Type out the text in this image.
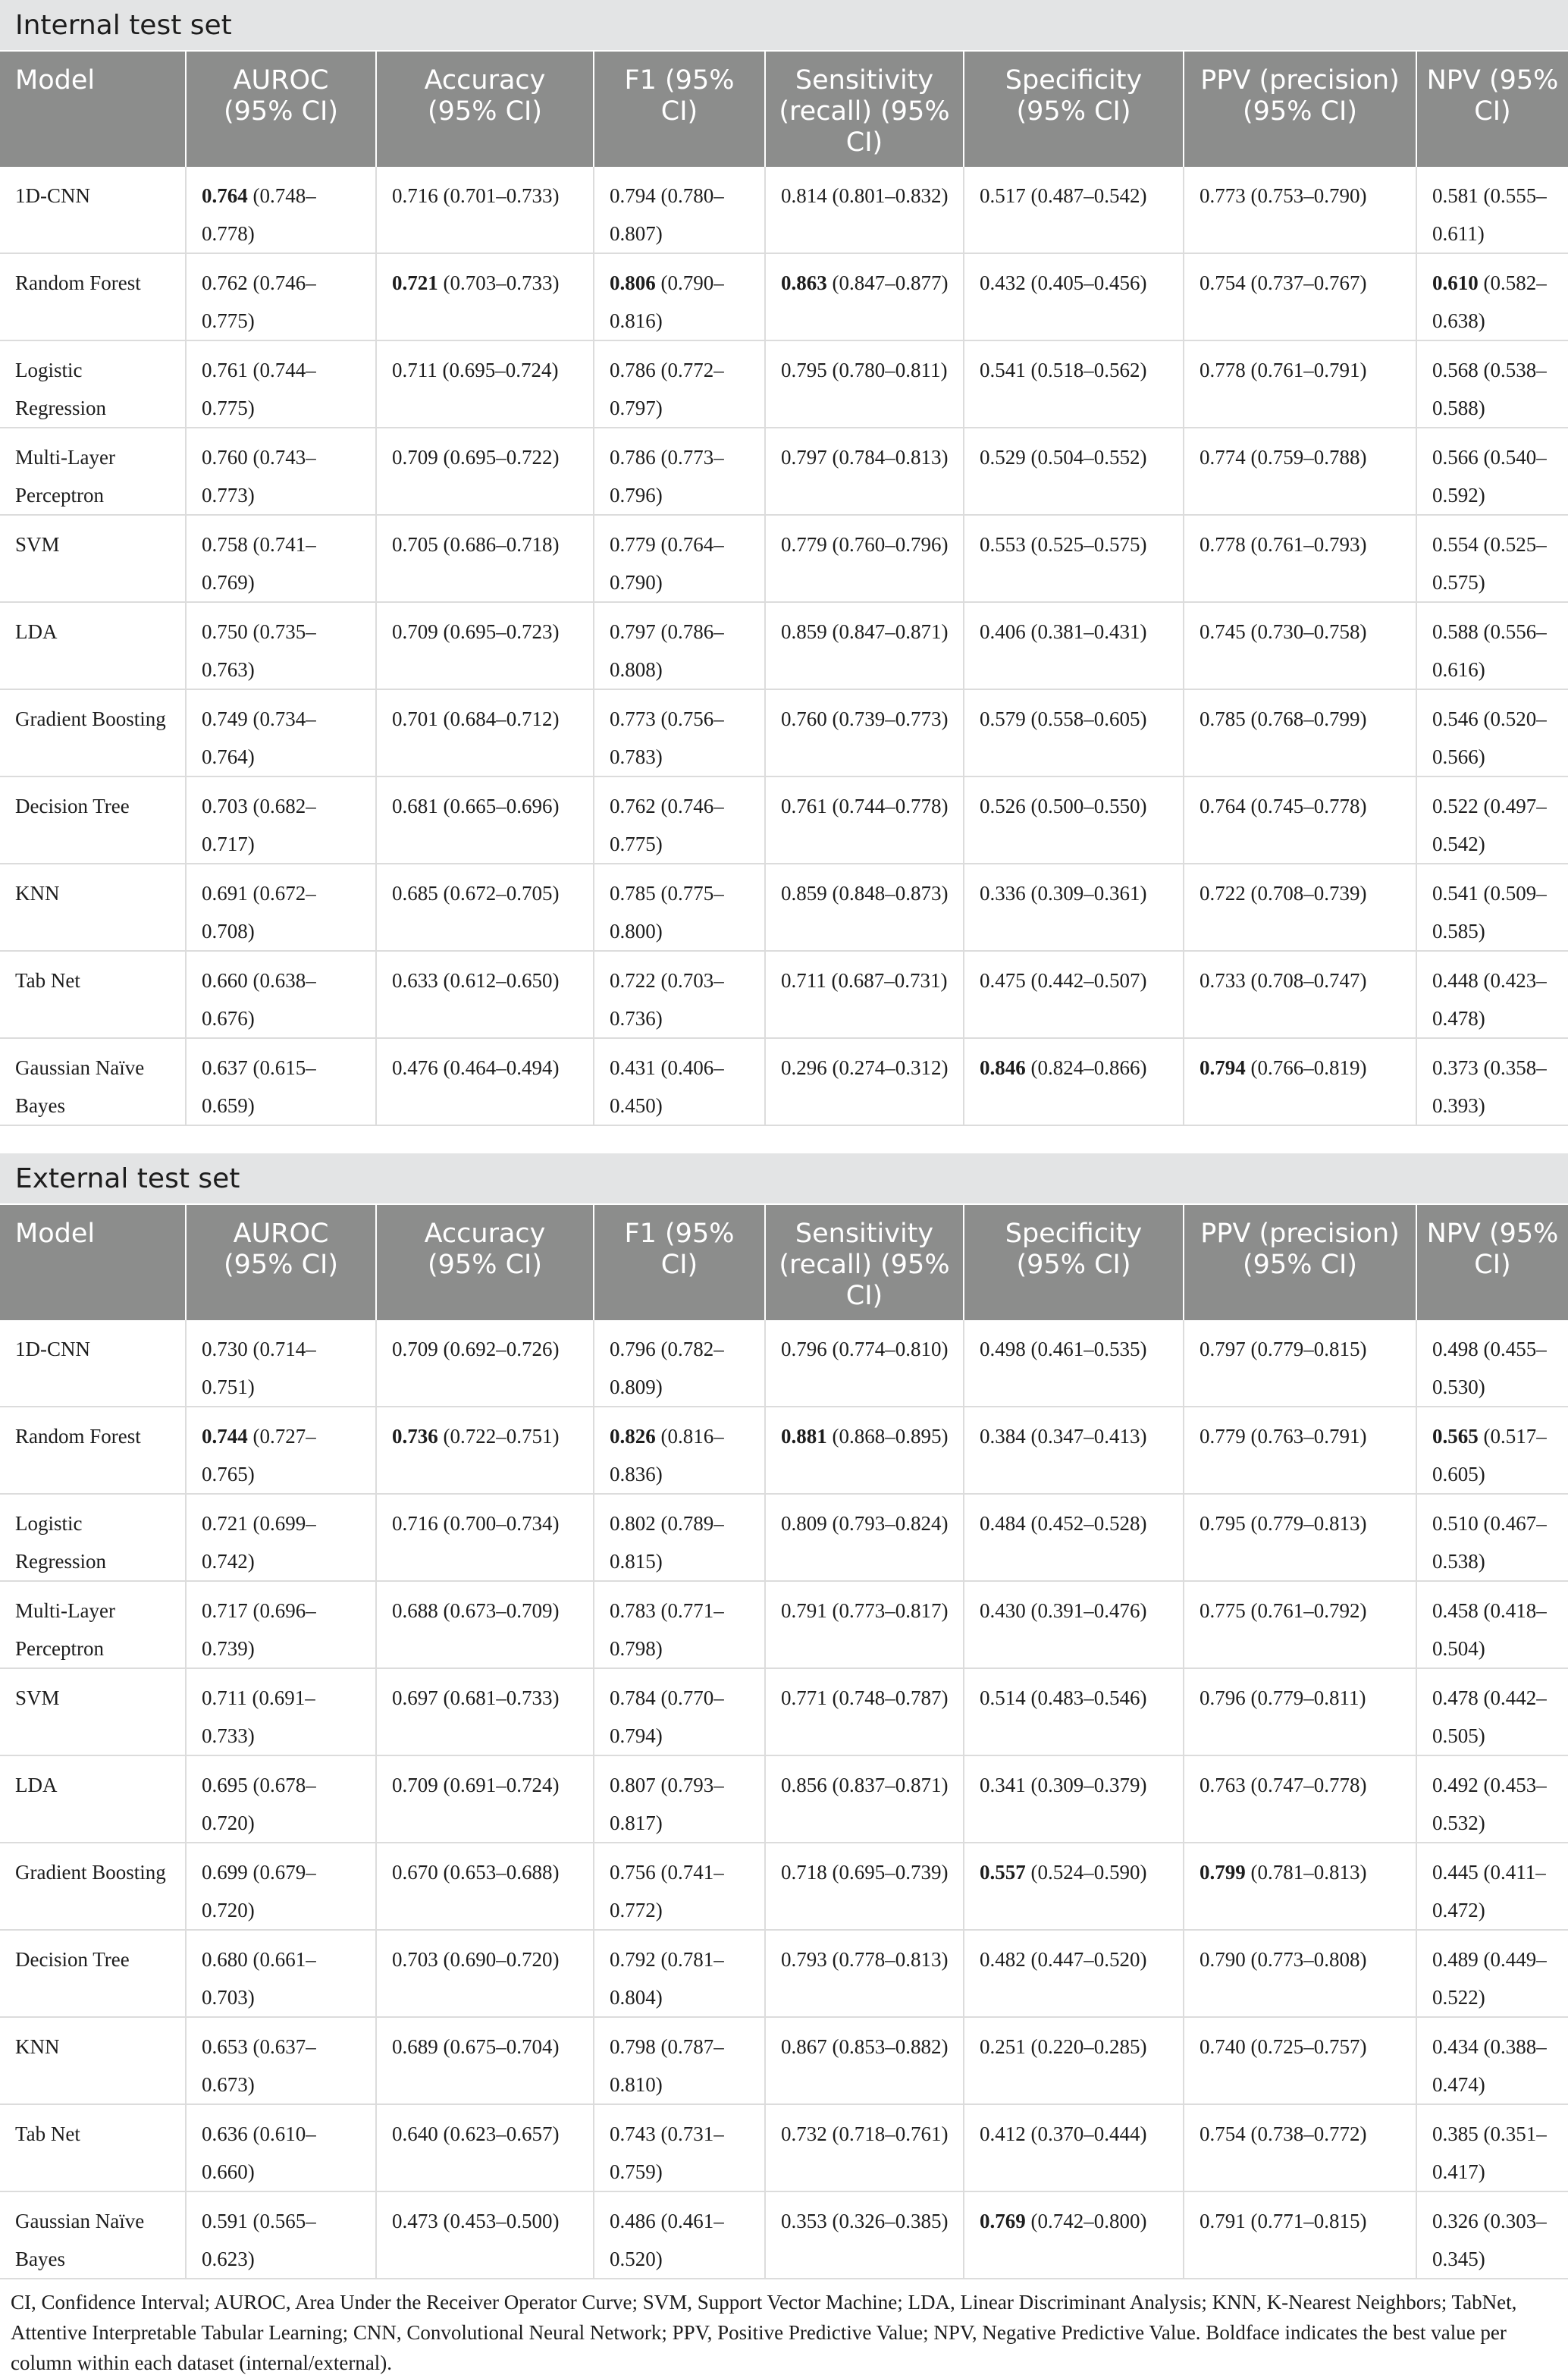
Internal test set
Model	AUROC (95% CI)	Accuracy (95% CI)	F1 (95% CI)	Sensitivity (recall) (95% CI)	Specificity (95% CI)	PPV (precision) (95% CI)	NPV (95% CI)
1D-CNN	0.764 (0.748–0.778)	0.716 (0.701–0.733)	0.794 (0.780–0.807)	0.814 (0.801–0.832)	0.517 (0.487–0.542)	0.773 (0.753–0.790)	0.581 (0.555–0.611)
Random Forest	0.762 (0.746–0.775)	0.721 (0.703–0.733)	0.806 (0.790–0.816)	0.863 (0.847–0.877)	0.432 (0.405–0.456)	0.754 (0.737–0.767)	0.610 (0.582–0.638)
Logistic Regression	0.761 (0.744–0.775)	0.711 (0.695–0.724)	0.786 (0.772–0.797)	0.795 (0.780–0.811)	0.541 (0.518–0.562)	0.778 (0.761–0.791)	0.568 (0.538–0.588)
Multi-Layer Perceptron	0.760 (0.743–0.773)	0.709 (0.695–0.722)	0.786 (0.773–0.796)	0.797 (0.784–0.813)	0.529 (0.504–0.552)	0.774 (0.759–0.788)	0.566 (0.540–0.592)
SVM	0.758 (0.741–0.769)	0.705 (0.686–0.718)	0.779 (0.764–0.790)	0.779 (0.760–0.796)	0.553 (0.525–0.575)	0.778 (0.761–0.793)	0.554 (0.525–0.575)
LDA	0.750 (0.735–0.763)	0.709 (0.695–0.723)	0.797 (0.786–0.808)	0.859 (0.847–0.871)	0.406 (0.381–0.431)	0.745 (0.730–0.758)	0.588 (0.556–0.616)
Gradient Boosting	0.749 (0.734–0.764)	0.701 (0.684–0.712)	0.773 (0.756–0.783)	0.760 (0.739–0.773)	0.579 (0.558–0.605)	0.785 (0.768–0.799)	0.546 (0.520–0.566)
Decision Tree	0.703 (0.682–0.717)	0.681 (0.665–0.696)	0.762 (0.746–0.775)	0.761 (0.744–0.778)	0.526 (0.500–0.550)	0.764 (0.745–0.778)	0.522 (0.497–0.542)
KNN	0.691 (0.672–0.708)	0.685 (0.672–0.705)	0.785 (0.775–0.800)	0.859 (0.848–0.873)	0.336 (0.309–0.361)	0.722 (0.708–0.739)	0.541 (0.509–0.585)
Tab Net	0.660 (0.638–0.676)	0.633 (0.612–0.650)	0.722 (0.703–0.736)	0.711 (0.687–0.731)	0.475 (0.442–0.507)	0.733 (0.708–0.747)	0.448 (0.423–0.478)
Gaussian Naïve Bayes	0.637 (0.615–0.659)	0.476 (0.464–0.494)	0.431 (0.406–0.450)	0.296 (0.274–0.312)	0.846 (0.824–0.866)	0.794 (0.766–0.819)	0.373 (0.358–0.393)
External test set
Model	AUROC (95% CI)	Accuracy (95% CI)	F1 (95% CI)	Sensitivity (recall) (95% CI)	Specificity (95% CI)	PPV (precision) (95% CI)	NPV (95% CI)
1D-CNN	0.730 (0.714–0.751)	0.709 (0.692–0.726)	0.796 (0.782–0.809)	0.796 (0.774–0.810)	0.498 (0.461–0.535)	0.797 (0.779–0.815)	0.498 (0.455–0.530)
Random Forest	0.744 (0.727–0.765)	0.736 (0.722–0.751)	0.826 (0.816–0.836)	0.881 (0.868–0.895)	0.384 (0.347–0.413)	0.779 (0.763–0.791)	0.565 (0.517–0.605)
Logistic Regression	0.721 (0.699–0.742)	0.716 (0.700–0.734)	0.802 (0.789–0.815)	0.809 (0.793–0.824)	0.484 (0.452–0.528)	0.795 (0.779–0.813)	0.510 (0.467–0.538)
Multi-Layer Perceptron	0.717 (0.696–0.739)	0.688 (0.673–0.709)	0.783 (0.771–0.798)	0.791 (0.773–0.817)	0.430 (0.391–0.476)	0.775 (0.761–0.792)	0.458 (0.418–0.504)
SVM	0.711 (0.691–0.733)	0.697 (0.681–0.733)	0.784 (0.770–0.794)	0.771 (0.748–0.787)	0.514 (0.483–0.546)	0.796 (0.779–0.811)	0.478 (0.442–0.505)
LDA	0.695 (0.678–0.720)	0.709 (0.691–0.724)	0.807 (0.793–0.817)	0.856 (0.837–0.871)	0.341 (0.309–0.379)	0.763 (0.747–0.778)	0.492 (0.453–0.532)
Gradient Boosting	0.699 (0.679–0.720)	0.670 (0.653–0.688)	0.756 (0.741–0.772)	0.718 (0.695–0.739)	0.557 (0.524–0.590)	0.799 (0.781–0.813)	0.445 (0.411–0.472)
Decision Tree	0.680 (0.661–0.703)	0.703 (0.690–0.720)	0.792 (0.781–0.804)	0.793 (0.778–0.813)	0.482 (0.447–0.520)	0.790 (0.773–0.808)	0.489 (0.449–0.522)
KNN	0.653 (0.637–0.673)	0.689 (0.675–0.704)	0.798 (0.787–0.810)	0.867 (0.853–0.882)	0.251 (0.220–0.285)	0.740 (0.725–0.757)	0.434 (0.388–0.474)
Tab Net	0.636 (0.610–0.660)	0.640 (0.623–0.657)	0.743 (0.731–0.759)	0.732 (0.718–0.761)	0.412 (0.370–0.444)	0.754 (0.738–0.772)	0.385 (0.351–0.417)
Gaussian Naïve Bayes	0.591 (0.565–0.623)	0.473 (0.453–0.500)	0.486 (0.461–0.520)	0.353 (0.326–0.385)	0.769 (0.742–0.800)	0.791 (0.771–0.815)	0.326 (0.303–0.345)
CI, Confidence Interval; AUROC, Area Under the Receiver Operator Curve; SVM, Support Vector Machine; LDA, Linear Discriminant Analysis; KNN, K-Nearest Neighbors; TabNet, Attentive Interpretable Tabular Learning; CNN, Convolutional Neural Network; PPV, Positive Predictive Value; NPV, Negative Predictive Value. Boldface indicates the best value per column within each dataset (internal/external).
